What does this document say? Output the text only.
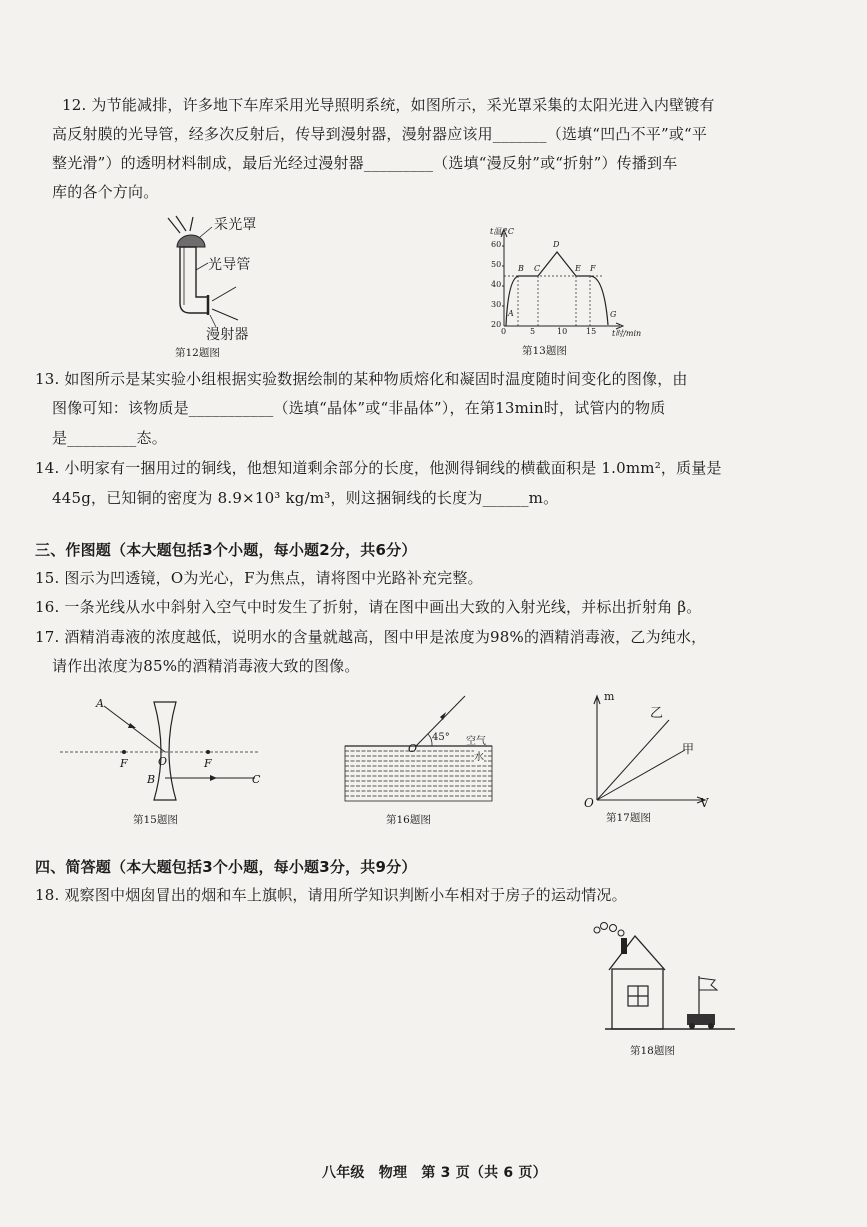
12. 为节能减排，许多地下车库采用光导照明系统，如图所示，采光罩采集的太阳光进入内壁镀有
高反射膜的光导管，经多次反射后，传导到漫射器，漫射器应该用_______（选填“凹凸不平”或“平
整光滑”）的透明材料制成，最后光经过漫射器_________（选填“漫反射”或“折射”）传播到车
库的各个方向。
采光罩
光导管
漫射器
第12题图
t温/°C
t时/min
60
50
40
30
20
0	5	10 15
A
B C
D
E F
G
第13题图
13. 如图所示是某实验小组根据实验数据绘制的某种物质熔化和凝固时温度随时间变化的图像，由
图像可知：该物质是___________（选填“晶体”或“非晶体”），在第13min时，试管内的物质
是_________态。
14. 小明家有一捆用过的铜线，他想知道剩余部分的长度，他测得铜线的横截面积是 1.0mm²，质量是
445g，已知铜的密度为 8.9×10³ kg/m³，则这捆铜线的长度为______m。
三、作图题（本大题包括3个小题，每小题2分，共6分）
15. 图示为凹透镜，O为光心，F为焦点，请将图中光路补充完整。
16. 一条光线从水中斜射入空气中时发生了折射，请在图中画出大致的入射光线，并标出折射角 β。
17. 酒精消毒液的浓度越低，说明水的含量就越高，图中甲是浓度为98%的酒精消毒液，乙为纯水，
请作出浓度为85%的酒精消毒液大致的图像。
A
O
F	F
B	C
第15题图
45° 空气
水
O
第16题图
m
V
O
乙
甲
第17题图
四、简答题（本大题包括3个小题，每小题3分，共9分）
18. 观察图中烟囱冒出的烟和车上旗帜，请用所学知识判断小车相对于房子的运动情况。
第18题图
八年级　物理　第 3 页（共 6 页）
